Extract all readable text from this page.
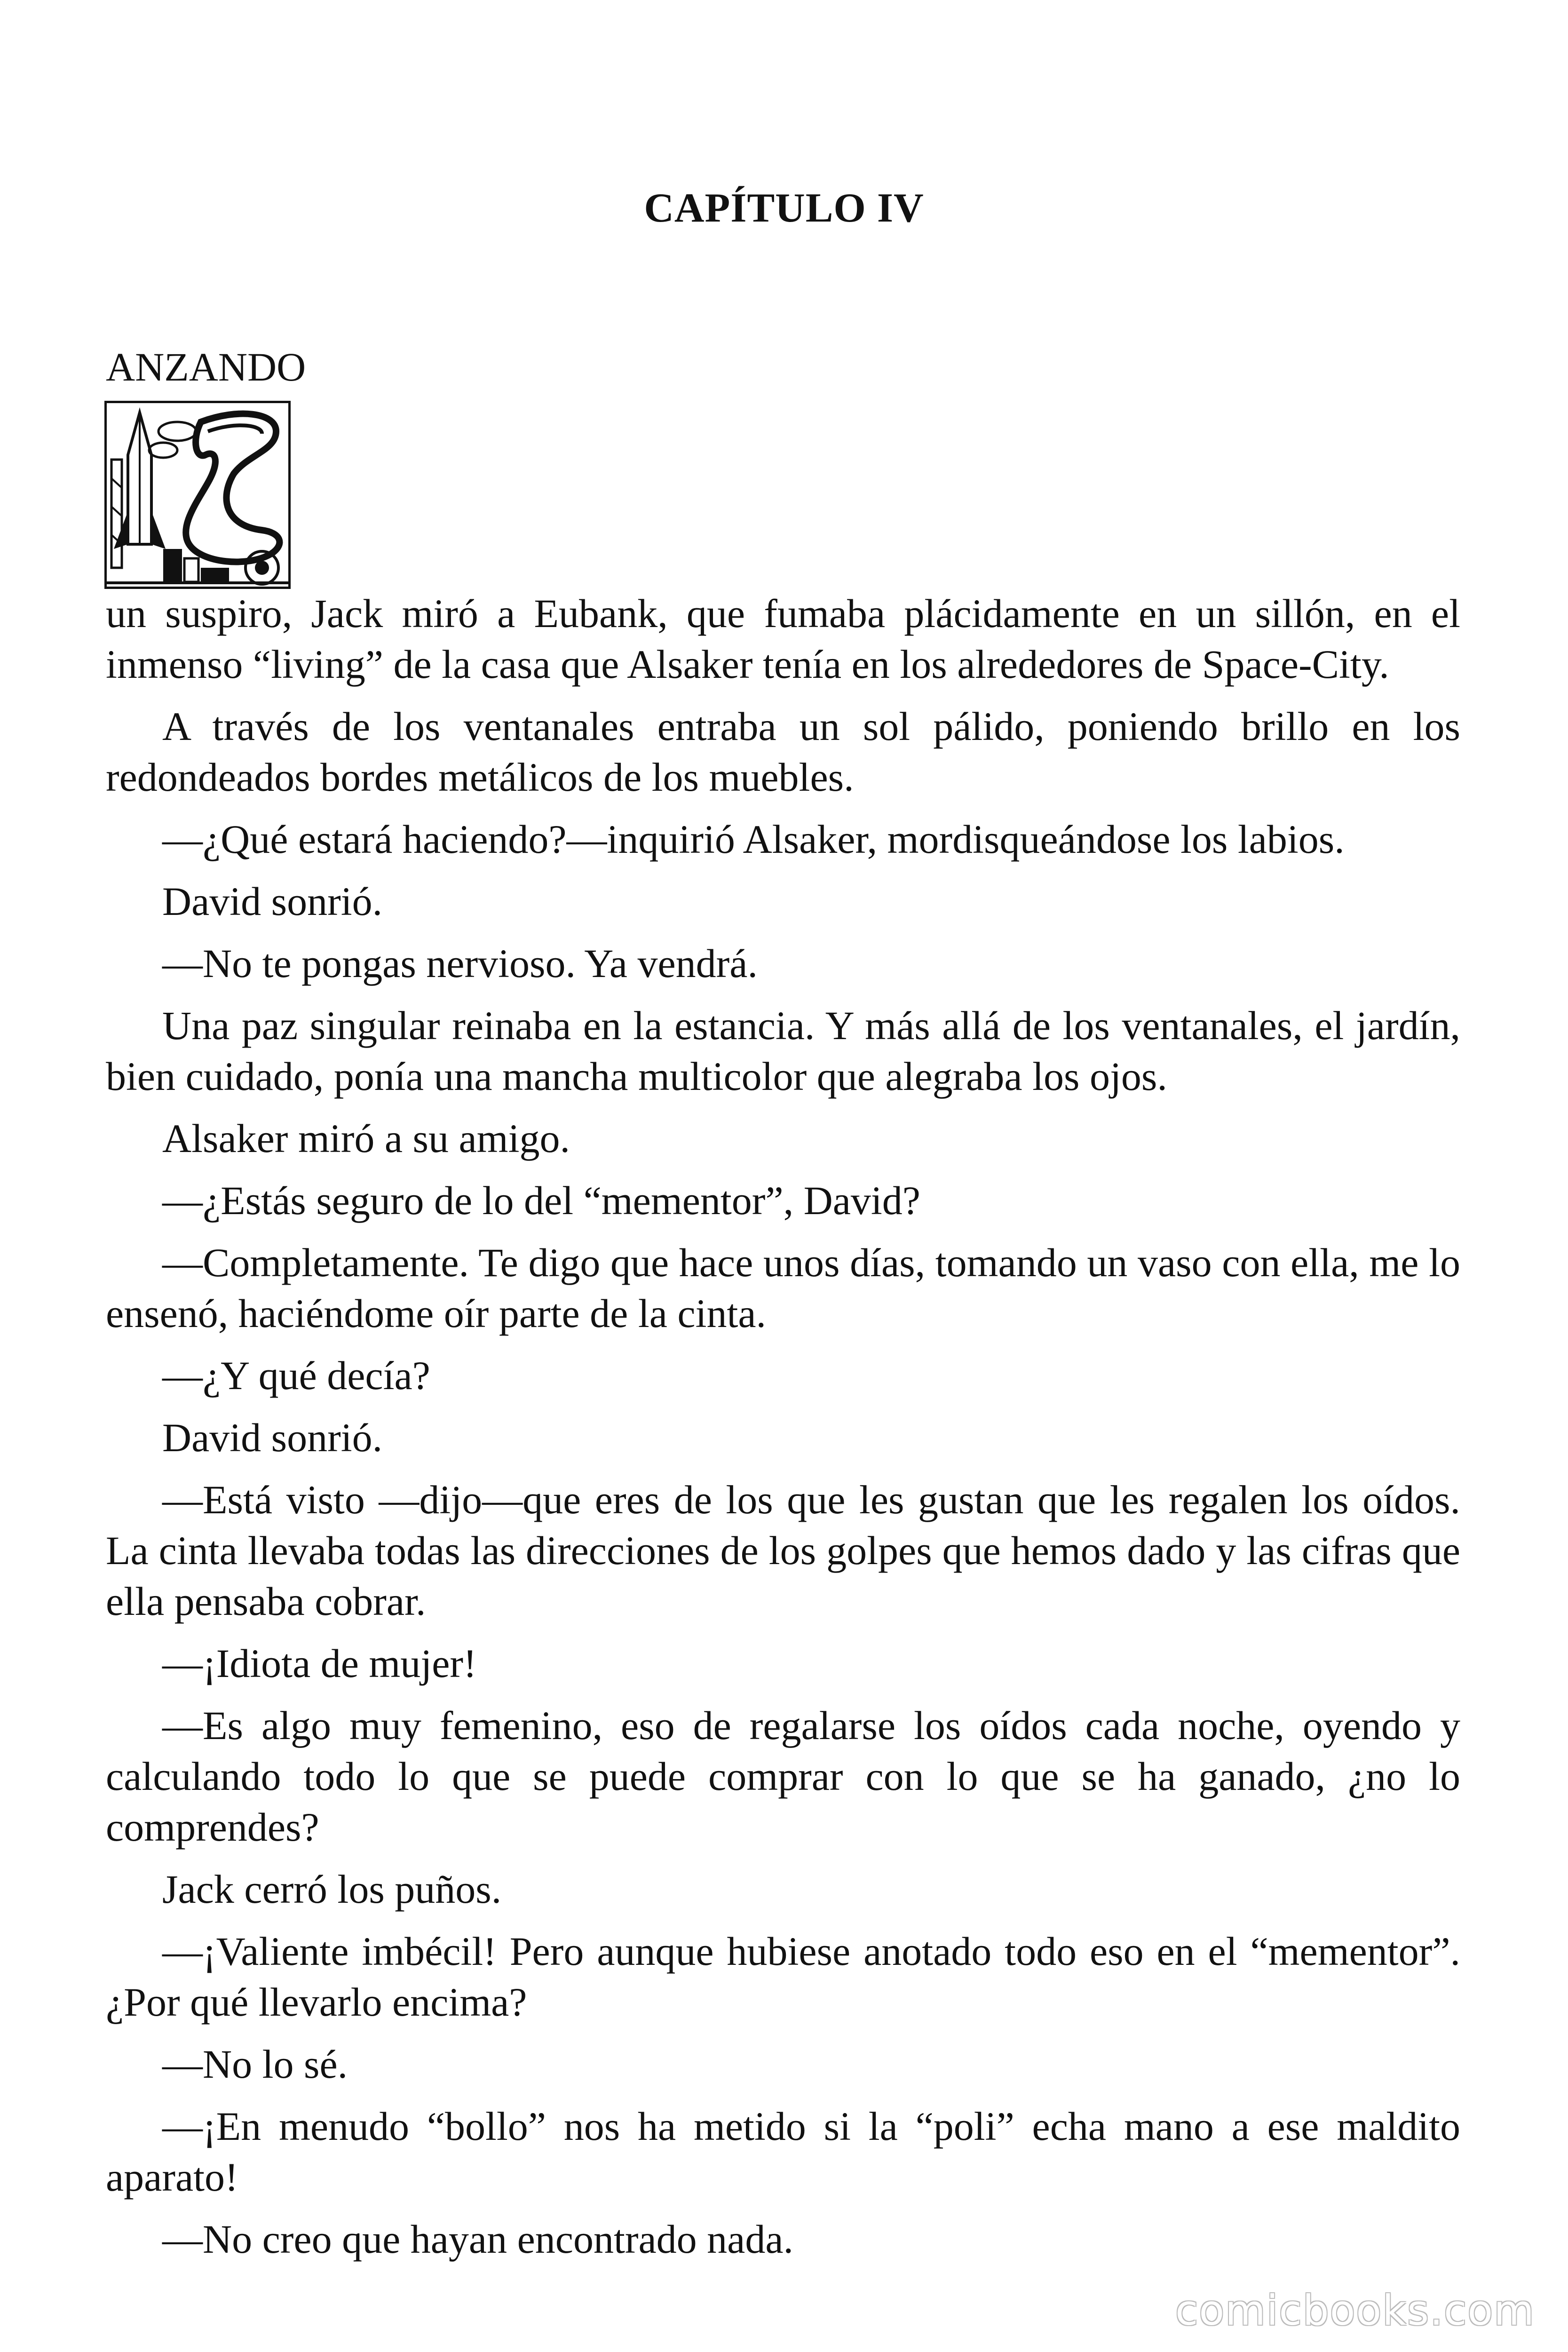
CAPÍTULO IV
ANZANDO

un suspiro, Jack miró a Eubank, que fumaba plácidamente en un sillón, en el inmenso “living” de la casa que Alsaker tenía en los alrededores de Space-City.

A través de los ventanales entraba un sol pálido, poniendo brillo en los redondeados bordes metálicos de los muebles.

—¿Qué estará haciendo?—inquirió Alsaker, mordisqueándose los labios.

David sonrió.

—No te pongas nervioso. Ya vendrá.

Una paz singular reinaba en la estancia. Y más allá de los ventanales, el jardín, bien cuidado, ponía una mancha multicolor que alegraba los ojos.

Alsaker miró a su amigo.

—¿Estás seguro de lo del “mementor”, David?

—Completamente. Te digo que hace unos días, tomando un vaso con ella, me lo ensenó, haciéndome oír parte de la cinta.

—¿Y qué decía?

David sonrió.

—Está visto —dijo—que eres de los que les gustan que les regalen los oídos. La cinta llevaba todas las direcciones de los golpes que hemos dado y las cifras que ella pensaba cobrar.

—¡Idiota de mujer!

—Es algo muy femenino, eso de regalarse los oídos cada noche, oyendo y calculando todo lo que se puede comprar con lo que se ha ganado, ¿no lo comprendes?

Jack cerró los puños.

—¡Valiente imbécil! Pero aunque hubiese anotado todo eso en el “mementor”. ¿Por qué llevarlo encima?

—No lo sé.

—¡En menudo “bollo” nos ha metido si la “poli” echa mano a ese maldito aparato!

—No creo que hayan encontrado nada.

comicbooks.com
